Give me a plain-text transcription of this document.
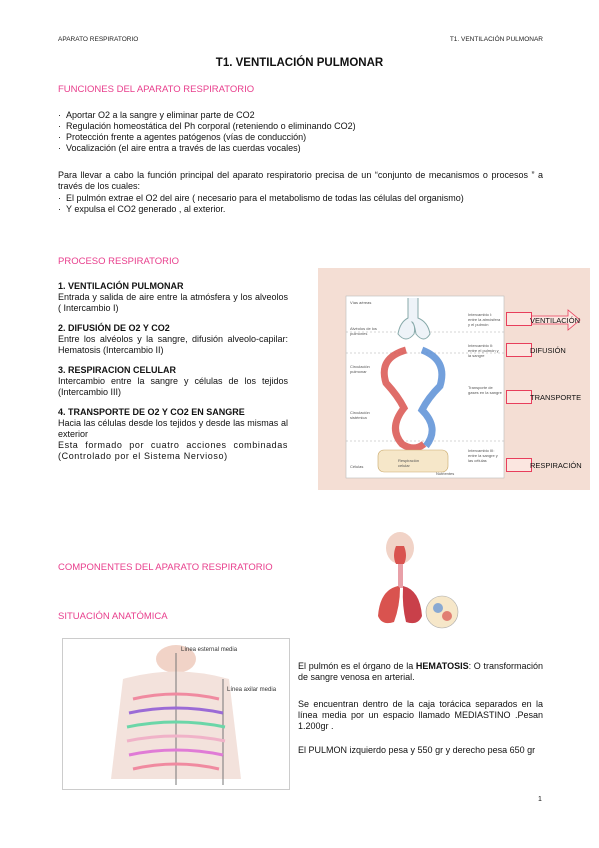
APARATO RESPIRATORIO	T1. VENTILACIÓN PULMONAR
T1. VENTILACIÓN PULMONAR
FUNCIONES DEL APARATO RESPIRATORIO
· Aportar O2 a la sangre y eliminar parte de CO2
· Regulación homeostática del Ph corporal (reteniendo o eliminando CO2)
· Protección frente a agentes patógenos (vías de conducción)
· Vocalización (el aire entra a través de las cuerdas vocales)
Para llevar a cabo la función principal del aparato respiratorio precisa de un “conjunto de mecanismos o procesos ” a través de los cuales:
· El pulmón extrae el O2 del aire ( necesario para el metabolismo de todas las células del organismo)
· Y expulsa el CO2 generado , al exterior.
PROCESO RESPIRATORIO
1. VENTILACIÓN PULMONAR
Entrada y salida de aire entre la atmósfera y los alveolos ( Intercambio I)
2. DIFUSIÓN DE O2 Y CO2
Entre los alvéolos y la sangre, difusión alveolo-capilar: Hematosis (Intercambio II)
3. RESPIRACION CELULAR
Intercambio entre la sangre y células de los tejidos (Intercambio III)
4. TRANSPORTE DE O2 Y CO2 EN SANGRE
Hacia las células desde los tejidos y desde las mismas al exterior
Esta formado por cuatro acciones combinadas (Controlado por el Sistema Nervioso)
Vías aéreas
Alvéolos de los pulmones
Circulación pulmonar
Circulación sistémica
Células
Intercambio I: entre la atmósfera y el pulmón
Intercambio II: entre el pulmón y la sangre
Transporte de gases en la sangre
Intercambio III: entre la sangre y las células
Respiración celular
Nutrientes
VENTILACIÓN
DIFUSIÓN
TRANSPORTE
RESPIRACIÓN
COMPONENTES DEL APARATO RESPIRATORIO
SITUACIÓN ANATÓMICA
Línea esternal media
Línea axilar media
El pulmón es el órgano de la HEMATOSIS: O transformación de sangre venosa en arterial.
Se encuentran dentro de la caja torácica separados en la línea media por un espacio llamado MEDIASTINO .Pesan 1.200gr .
El PULMON izquierdo pesa y 550 gr y derecho pesa 650 gr
1
